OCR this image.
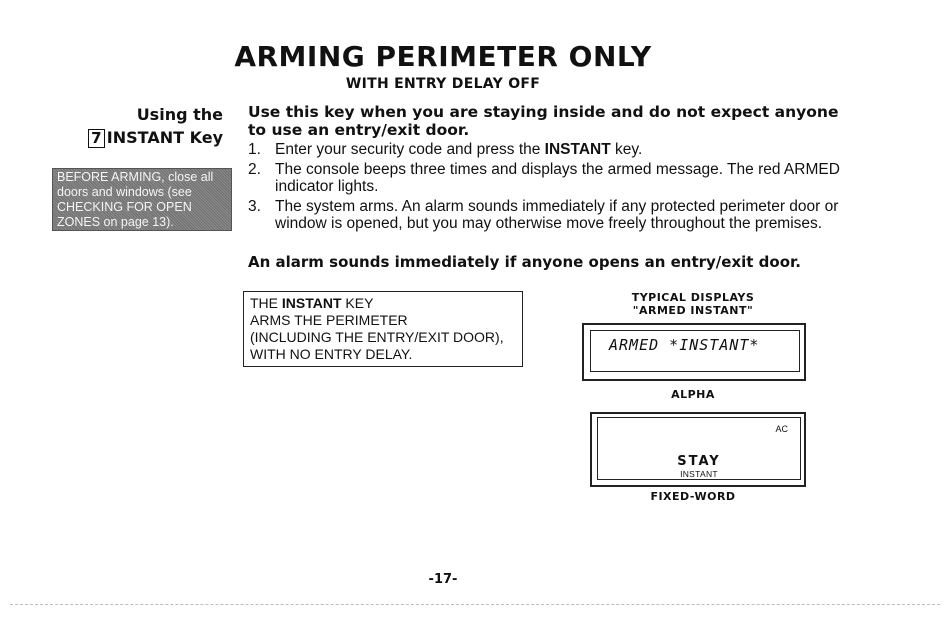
ARMING PERIMETER ONLY
WITH ENTRY DELAY OFF
Using the
7 INSTANT Key
BEFORE ARMING, close all doors and windows (see CHECKING FOR OPEN ZONES on page 13).
Use this key when you are staying inside and do not expect anyone to use an entry/exit door.
1. Enter your security code and press the INSTANT key.
2. The console beeps three times and displays the armed message. The red ARMED indicator lights.
3. The system arms. An alarm sounds immediately if any protected perimeter door or window is opened, but you may otherwise move freely throughout the premises.
An alarm sounds immediately if anyone opens an entry/exit door.
THE INSTANT KEY
ARMS THE PERIMETER
(INCLUDING THE ENTRY/EXIT DOOR),
WITH NO ENTRY DELAY.
TYPICAL DISPLAYS
"ARMED INSTANT"
ARMED *INSTANT*
ALPHA
AC
STAY
INSTANT
FIXED-WORD
-17-
